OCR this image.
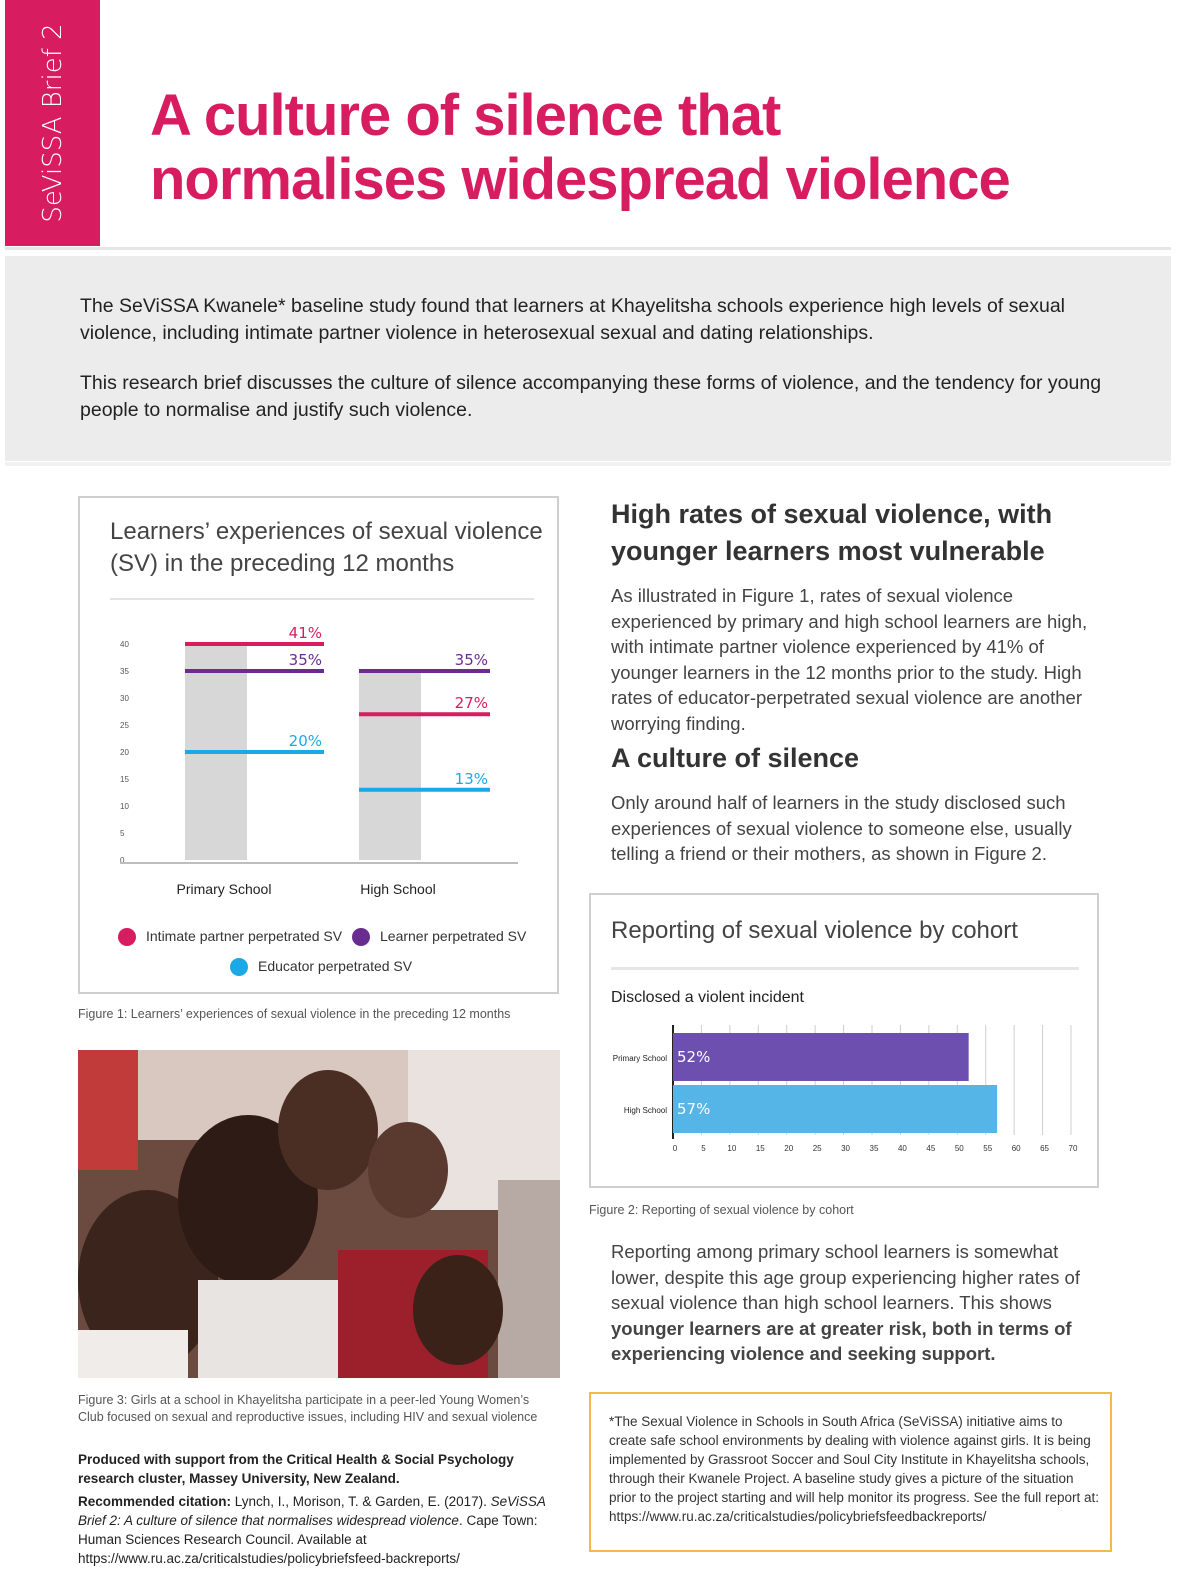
SeViSSA Brief 2 A culture of silence that
normalises widespread violence

The SeViSSA Kwanele* baseline study found that learners at Khayelitsha schools experience high levels of sexual violence, including intimate partner violence in heterosexual sexual and dating relationships.

This research brief discusses the culture of silence accompanying these forms of violence, and the tendency for young people to normalise and justify such violence.

Learners’ experiences of sexual violence (SV) in the preceding 12 months
0
5
10
15
20
25
30
35
40
Primary School	High School
41%
27%
35%	35%
20%
13%
Intimate partner perpetrated SV	Learner perpetrated SV
Educator perpetrated SV
Figure 1: Learners’ experiences of sexual violence in the preceding 12 months
Figure 3: Girls at a school in Khayelitsha participate in a peer-led Young Women’s Club focused on sexual and reproductive issues, including HIV and sexual violence
Produced with support from the Critical Health & Social Psychology research cluster, Massey University, New Zealand.
Recommended citation: Lynch, I., Morison, T. & Garden, E. (2017). SeViSSA Brief 2: A culture of silence that normalises widespread violence. Cape Town: Human Sciences Research Council. Available at https://www.ru.ac.za/criticalstudies/policybriefsfeed-backreports/
High rates of sexual violence, with
younger learners most vulnerable
As illustrated in Figure 1, rates of sexual violence experienced by primary and high school learners are high, with intimate partner violence experienced by 41% of younger learners in the 12 months prior to the study. High rates of educator-perpetrated sexual violence are another worrying finding.
A culture of silence
Only around half of learners in the study disclosed such experiences of sexual violence to someone else, usually telling a friend or their mothers, as shown in Figure 2.
Reporting of sexual violence by cohort
Disclosed a violent incident
0	5	10 15 20 25 30 35 40 45 50 55 60 65 70
Primary School 52%
High School 57%
Figure 2: Reporting of sexual violence by cohort
Reporting among primary school learners is somewhat lower, despite this age group experiencing higher rates of sexual violence than high school learners. This shows younger learners are at greater risk, both in terms of experiencing violence and seeking support.
*The Sexual Violence in Schools in South Africa (SeViSSA) initiative aims to create safe school environments by dealing with violence against girls. It is being implemented by Grassroot Soccer and Soul City Institute in Khayelitsha schools, through their Kwanele Project. A baseline study gives a picture of the situation prior to the project starting and will help monitor its progress. See the full report at: https://www.ru.ac.za/criticalstudies/policybriefsfeedbackreports/
